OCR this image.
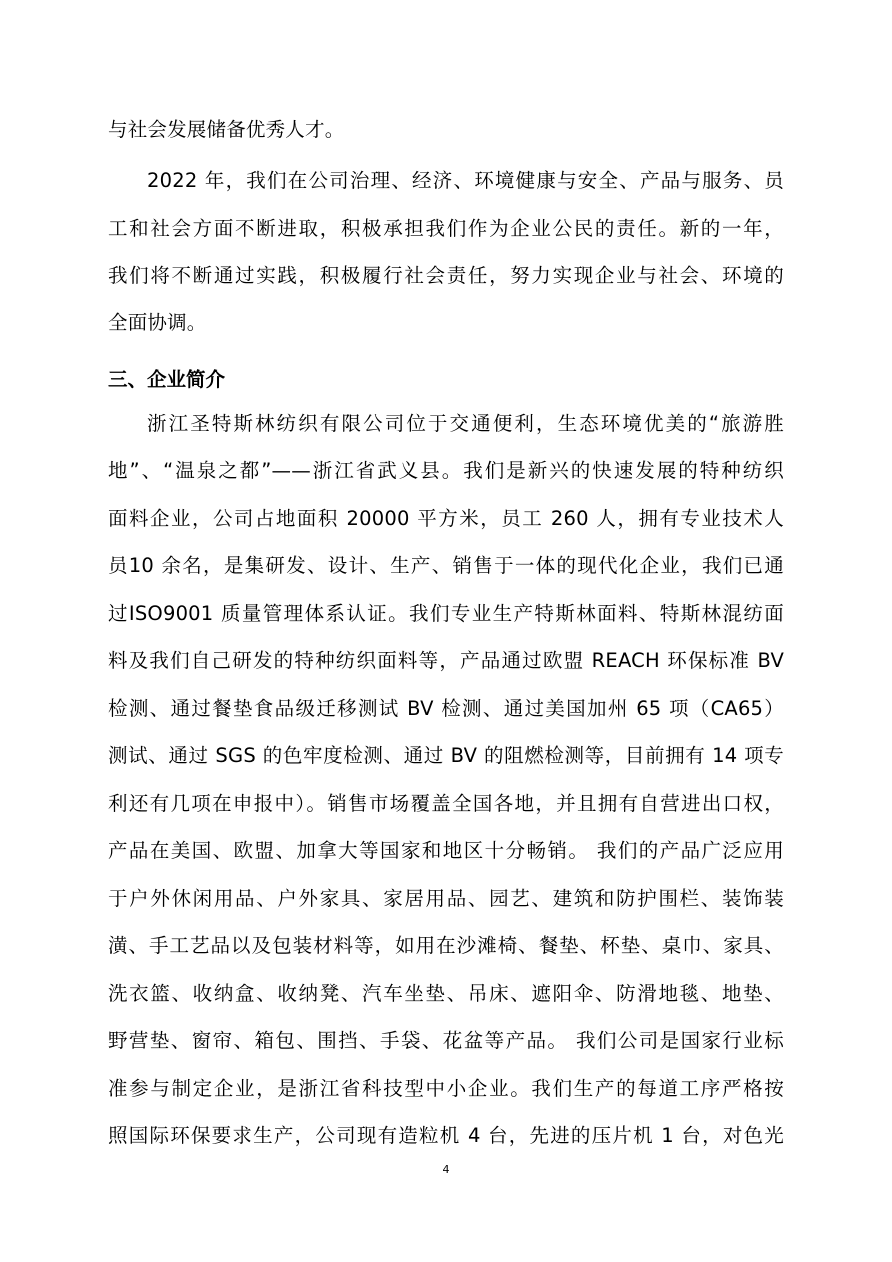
与社会发展储备优秀人才。
2022 年，我们在公司治理、经济、环境健康与安全、产品与服务、员
工和社会方面不断进取，积极承担我们作为企业公民的责任。新的一年，
我们将不断通过实践，积极履行社会责任，努力实现企业与社会、环境的
全面协调。
三、企业简介
浙江圣特斯林纺织有限公司位于交通便利，生态环境优美的“旅游胜
地”、“温泉之都”——浙江省武义县。我们是新兴的快速发展的特种纺织
面料企业，公司占地面积 20000 平方米，员工 260 人，拥有专业技术人
员10 余名，是集研发、设计、生产、销售于一体的现代化企业，我们已通
过ISO9001 质量管理体系认证。我们专业生产特斯林面料、特斯林混纺面
料及我们自己研发的特种纺织面料等，产品通过欧盟 REACH 环保标准 BV
检测、通过餐垫食品级迁移测试 BV 检测、通过美国加州 65 项（CA65）
测试、通过 SGS 的色牢度检测、通过 BV 的阻燃检测等，目前拥有 14 项专
利还有几项在申报中）。销售市场覆盖全国各地，并且拥有自营进出口权，
产品在美国、欧盟、加拿大等国家和地区十分畅销。 我们的产品广泛应用
于户外休闲用品、户外家具、家居用品、园艺、建筑和防护围栏、装饰装
潢、手工艺品以及包装材料等，如用在沙滩椅、餐垫、杯垫、桌巾、家具、
洗衣篮、收纳盒、收纳凳、汽车坐垫、吊床、遮阳伞、防滑地毯、地垫、
野营垫、窗帘、箱包、围挡、手袋、花盆等产品。 我们公司是国家行业标
准参与制定企业，是浙江省科技型中小企业。我们生产的每道工序严格按
照国际环保要求生产，公司现有造粒机 4 台，先进的压片机 1 台，对色光
4
